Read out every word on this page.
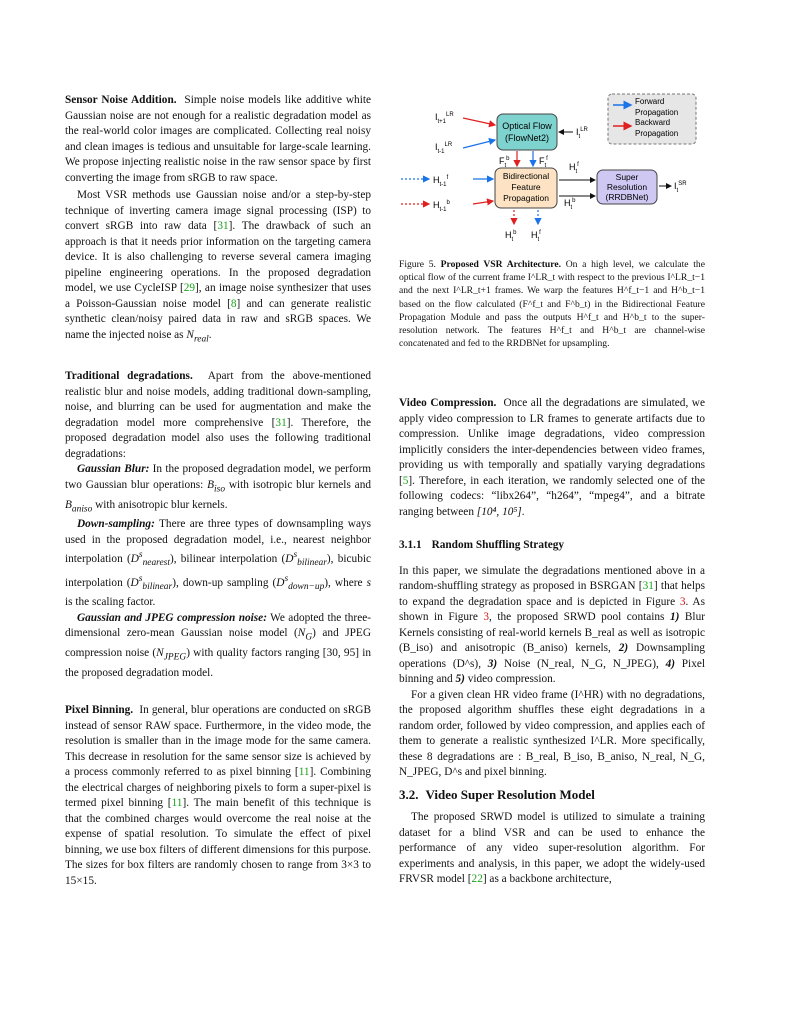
Sensor Noise Addition. Simple noise models like additive white Gaussian noise are not enough for a realistic degradation model as the real-world color images are complicated. Collecting real noisy and clean images is tedious and unsuitable for large-scale learning. We propose injecting realistic noise in the raw sensor space by first converting the image from sRGB to raw space.

Most VSR methods use Gaussian noise and/or a step-by-step technique of inverting camera image signal processing (ISP) to convert sRGB into raw data [31]. The drawback of such an approach is that it needs prior information on the targeting camera device. It is also challenging to reverse several camera imaging pipeline engineering operations. In the proposed degradation model, we use CycleISP [29], an image noise synthesizer that uses a Poisson-Gaussian noise model [8] and can generate realistic synthetic clean/noisy paired data in raw and sRGB spaces. We name the injected noise as $N_{real}$.

Traditional degradations. Apart from the above-mentioned realistic blur and noise models, adding traditional down-sampling, noise, and blurring can be used for augmentation and make the degradation model more comprehensive [31]. Therefore, the proposed degradation model also uses the following traditional degradations:

Gaussian Blur: In the proposed degradation model, we perform two Gaussian blur operations: $B_{iso}$ with isotropic blur kernels and $B_{aniso}$ with anisotropic blur kernels.

Down-sampling: There are three types of downsampling ways used in the proposed degradation model, i.e., nearest neighbor interpolation $(D^s_{nearest})$, bilinear interpolation $(D^s_{bilinear})$, bicubic interpolation $(D^s_{bilinear})$, down-up sampling $(D^s_{down-up})$, where s is the scaling factor.

Gaussian and JPEG compression noise: We adopted the three-dimensional zero-mean Gaussian noise model $(N_G)$ and JPEG compression noise $(N_{JPEG})$ with quality factors ranging [30, 95] in the proposed degradation model.

Pixel Binning. In general, blur operations are conducted on sRGB instead of sensor RAW space. Furthermore, in the video mode, the resolution is smaller than in the image mode for the same camera. This decrease in resolution for the same sensor size is achieved by a process commonly referred to as pixel binning [11]. Combining the electrical charges of neighboring pixels to form a super-pixel is termed pixel binning [11]. The main benefit of this technique is that the combined charges would overcome the real noise at the expense of spatial resolution. To simulate the effect of pixel binning, we use box filters of different dimensions for this purpose. The sizes for box filters are randomly chosen to range from 3×3 to 15×15.

Forward
Propagation
Backward
Propagation
Optical Flow
(FlowNet2)
$I_{t+1}^{LR}$
$I_{t-1}^{LR}$
$I_t^{LR}$
$F_t^b$	$F_t^f$
Bidirectional
Feature
Propagation
$H_{t-1}^f$
$H_{t-1}^b$
$H_t^f$
$H_t^b$
Super
Resolution
(RRDBNet)
$I_t^{SR}$
$H_t^b$ $H_t^f$
Figure 5. Proposed VSR Architecture. On a high level, we calculate the optical flow of the current frame I^LR_t with respect to the previous I^LR_t−1 and the next I^LR_t+1 frames. We warp the features H^f_t−1 and H^b_t−1 based on the flow calculated (F^f_t and F^b_t) in the Bidirectional Feature Propagation Module and pass the outputs H^f_t and H^b_t to the super-resolution network. The features H^f_t and H^b_t are channel-wise concatenated and fed to the RRDBNet for upsampling.

Video Compression. Once all the degradations are simulated, we apply video compression to LR frames to generate artifacts due to compression. Unlike image degradations, video compression implicitly considers the inter-dependencies between video frames, providing us with temporally and spatially varying degradations [5]. Therefore, in each iteration, we randomly selected one of the following codecs: “libx264”, “h264”, “mpeg4”, and a bitrate ranging between [10⁴, 10⁵].

3.1.1 Random Shuffling Strategy

In this paper, we simulate the degradations mentioned above in a random-shuffling strategy as proposed in BSRGAN [31] that helps to expand the degradation space and is depicted in Figure 3. As shown in Figure 3, the proposed SRWD pool contains 1) Blur Kernels consisting of real-world kernels B_real as well as isotropic (B_iso) and anisotropic (B_aniso) kernels, 2) Downsampling operations (D^s), 3) Noise (N_real, N_G, N_JPEG), 4) Pixel binning and 5) video compression.

For a given clean HR video frame (I^HR) with no degradations, the proposed algorithm shuffles these eight degradations in a random order, followed by video compression, and applies each of them to generate a realistic synthesized I^LR. More specifically, these 8 degradations are : B_real, B_iso, B_aniso, N_real, N_G, N_JPEG, D^s and pixel binning.

3.2. Video Super Resolution Model

The proposed SRWD model is utilized to simulate a training dataset for a blind VSR and can be used to enhance the performance of any video super-resolution algorithm. For experiments and analysis, in this paper, we adopt the widely-used FRVSR model [22] as a backbone architecture,
